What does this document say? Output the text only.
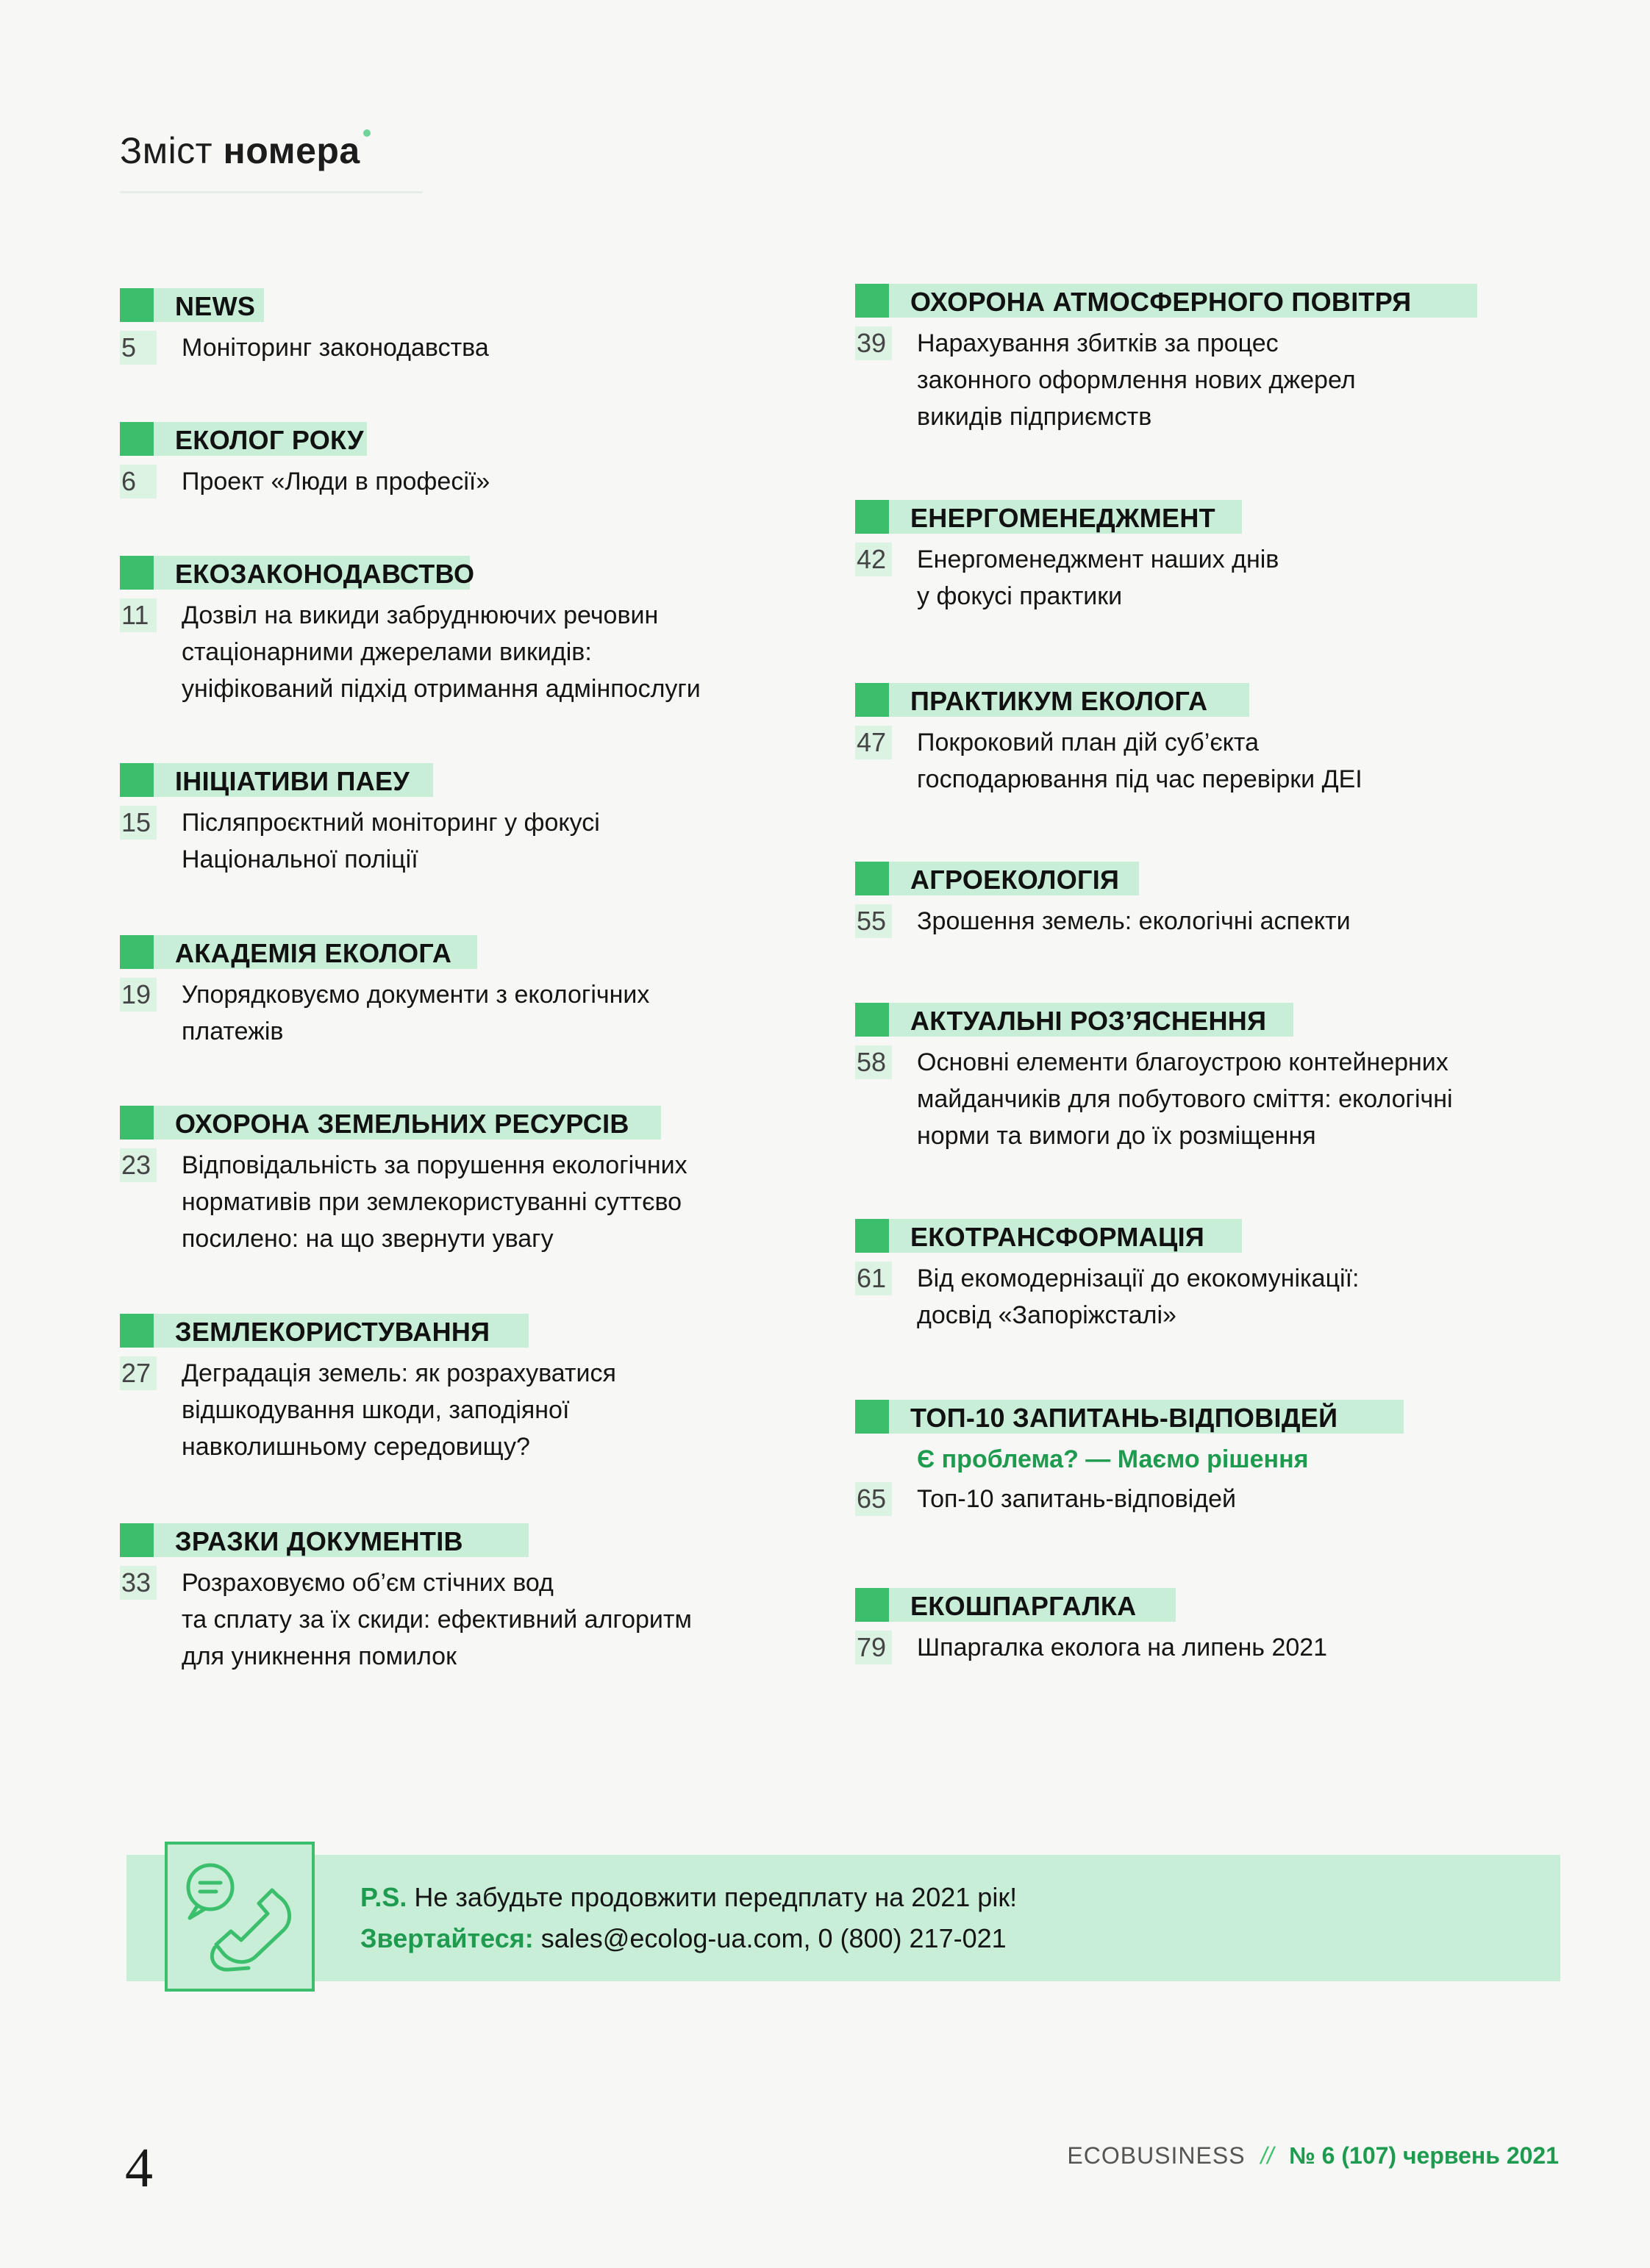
Зміст номера
NEWS
5	Моніторинг законодавства
ЕКОЛОГ РОКУ
6	Проект «Люди в професії»
ЕКОЗАКОНОДАВСТВО
11	Дозвіл на викиди забруднюючих речовин
стаціонарними джерелами викидів:
уніфікований підхід отримання адмінпослуги
ІНІЦІАТИВИ ПАЕУ
15 Післяпроєктний моніторинг у фокусі
Національної поліції
АКАДЕМІЯ ЕКОЛОГА
19 Упорядковуємо документи з екологічних
платежів
ОХОРОНА ЗЕМЕЛЬНИХ РЕСУРСІВ
23 Відповідальність за порушення екологічних
нормативів при землекористуванні суттєво
посилено: на що звернути увагу
ЗЕМЛЕКОРИСТУВАННЯ
27 Деградація земель: як розрахуватися
відшкодування шкоди, заподіяної
навколишньому середовищу?
ЗРАЗКИ ДОКУМЕНТІВ
33 Розраховуємо об’єм стічних вод
та сплату за їх скиди: ефективний алгоритм
для уникнення помилок
ОХОРОНА АТМОСФЕРНОГО ПОВІТРЯ
39 Нарахування збитків за процес
законного оформлення нових джерел
викидів підприємств
ЕНЕРГОМЕНЕДЖМЕНТ
42 Енергоменеджмент наших днів
у фокусі практики
ПРАКТИКУМ ЕКОЛОГА
47 Покроковий план дій суб’єкта
господарювання під час перевірки ДЕІ
АГРОЕКОЛОГІЯ
55 Зрошення земель: екологічні аспекти
АКТУАЛЬНІ РОЗ’ЯСНЕННЯ
58 Основні елементи благоустрою контейнерних
майданчиків для побутового сміття: екологічні
норми та вимоги до їх розміщення
ЕКОТРАНСФОРМАЦІЯ
61 Від екомодернізації до екокомунікації:
досвід «Запоріжсталі»
ТОП-10 ЗАПИТАНЬ-ВІДПОВІДЕЙ
Є проблема? — Маємо рішення
65 Топ-10 запитань-відповідей
ЕКОШПАРГАЛКА
79 Шпаргалка еколога на липень 2021
P.S. Не забудьте продовжити передплату на 2021 рік!
Звертайтеся: sales@ecolog-ua.com, 0 (800) 217-021
4	ECOBUSINESS // № 6 (107) червень 2021
